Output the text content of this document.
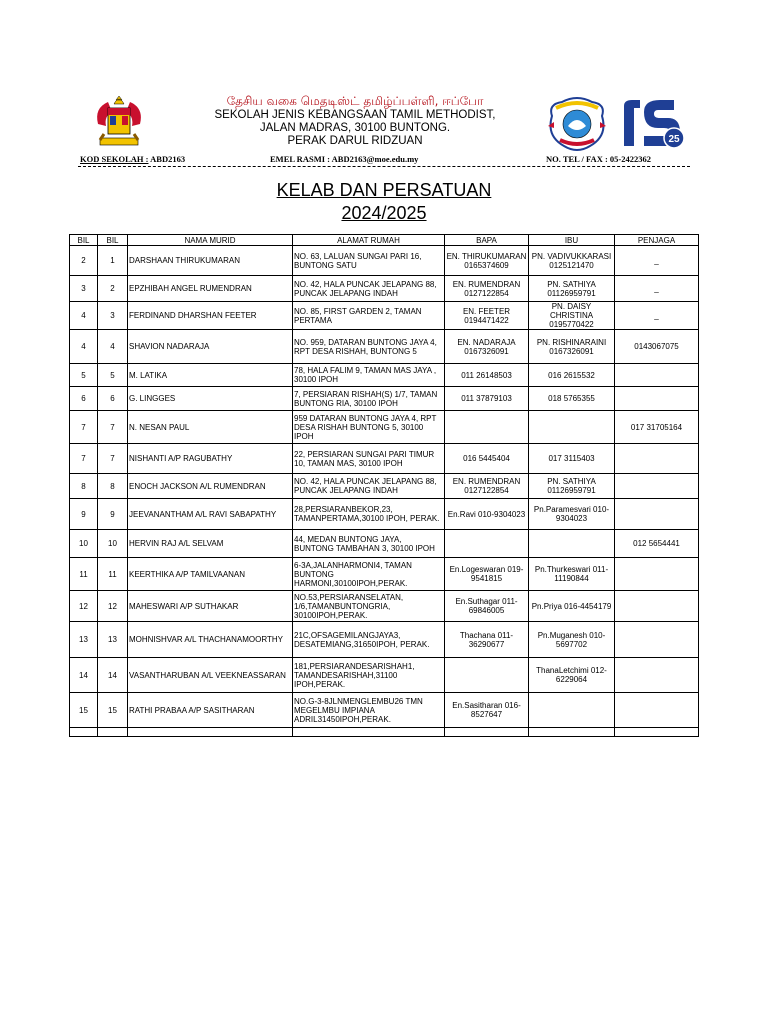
தேசிய வகை மெதடிஸ்ட் தமிழ்ப்பள்ளி, ஈப்போ
SEKOLAH JENIS KEBANGSAAN TAMIL METHODIST,
JALAN MADRAS, 30100 BUNTONG.
PERAK DARUL RIDZUAN	25
KOD SEKOLAH : ABD2163	EMEL RASMI : ABD2163@moe.edu.my	NO. TEL / FAX : 05-2422362
KELAB DAN PERSATUAN
2024/2025
BIL	BIL	NAMA MURID	ALAMAT RUMAH	BAPA	IBU	PENJAGA
2	1	DARSHAAN THIRUKUMARAN	NO. 63, LALUAN SUNGAI PARI 16, BUNTONG SATU	EN. THIRUKUMARAN 0165374609	PN. VADIVUKKARASI 0125121470	_
3	2	EPZHIBAH ANGEL RUMENDRAN	NO. 42, HALA PUNCAK JELAPANG 88, PUNCAK JELAPANG INDAH	EN. RUMENDRAN 0127122854	PN. SATHIYA 01126959791	_
4	3	FERDINAND DHARSHAN FEETER	NO. 85, FIRST GARDEN 2, TAMAN PERTAMA	EN. FEETER 0194471422	PN. DAISY CHRISTINA 0195770422	_
4	4	SHAVION NADARAJA	NO. 959, DATARAN BUNTONG JAYA 4, RPT DESA RISHAH, BUNTONG 5	EN. NADARAJA 0167326091	PN. RISHINARAINI 0167326091	0143067075
5	5	M. LATIKA	78, HALA FALIM 9, TAMAN MAS JAYA , 30100 IPOH	011 26148503	016 2615532	
6	6	G. LINGGES	7, PERSIARAN RISHAH(S) 1/7, TAMAN BUNTONG RIA, 30100 IPOH	011 37879103	018 5765355	
7	7	N. NESAN PAUL	959 DATARAN BUNTONG JAYA 4, RPT DESA RISHAH BUNTONG 5, 30100 IPOH			017 31705164
7	7	NISHANTI A/P RAGUBATHY	22, PERSIARAN SUNGAI PARI TIMUR 10, TAMAN MAS, 30100 IPOH	016 5445404	017 3115403	
8	8	ENOCH JACKSON A/L RUMENDRAN	NO. 42, HALA PUNCAK JELAPANG 88, PUNCAK JELAPANG INDAH	EN. RUMENDRAN 0127122854	PN. SATHIYA 01126959791	
9	9	JEEVANANTHAM A/L RAVI SABAPATHY	28,PERSIARANBEKOR,23, TAMANPERTAMA,30100 IPOH, PERAK.	En.Ravi 010-9304023	Pn.Paramesvari 010-9304023	
10	10	HERVIN RAJ A/L SELVAM	44, MEDAN BUNTONG JAYA, BUNTONG TAMBAHAN 3, 30100 IPOH			012 5654441
11	11	KEERTHIKA A/P TAMILVAANAN	6-3A,JALANHARMONI4, TAMAN BUNTONG HARMONI,30100IPOH,PERAK.	En.Logeswaran 019-9541815	Pn.Thurkeswari 011-11190844	
12	12	MAHESWARI A/P SUTHAKAR	NO.53,PERSIARANSELATAN, 1/6,TAMANBUNTONGRIA, 30100IPOH,PERAK.	En.Suthagar 011-69846005	Pn.Priya 016-4454179	
13	13	MOHNISHVAR A/L THACHANAMOORTHY	21C,OFSAGEMILANGJAYA3, DESATEMIANG,31650IPOH, PERAK.	Thachana 011-36290677	Pn.Muganesh 010-5697702	
14	14	VASANTHARUBAN A/L VEEKNEASSARAN	181,PERSIARANDESARISHAH1, TAMANDESARISHAH,31100 IPOH,PERAK.		ThanaLetchimi 012-6229064	
15	15	RATHI PRABAA A/P SASITHARAN	NO.G-3-8JLNMENGLEMBU26 TMN MEGELMBU IMPIANA ADRIL31450IPOH,PERAK.	En.Sasitharan 016-8527647		
